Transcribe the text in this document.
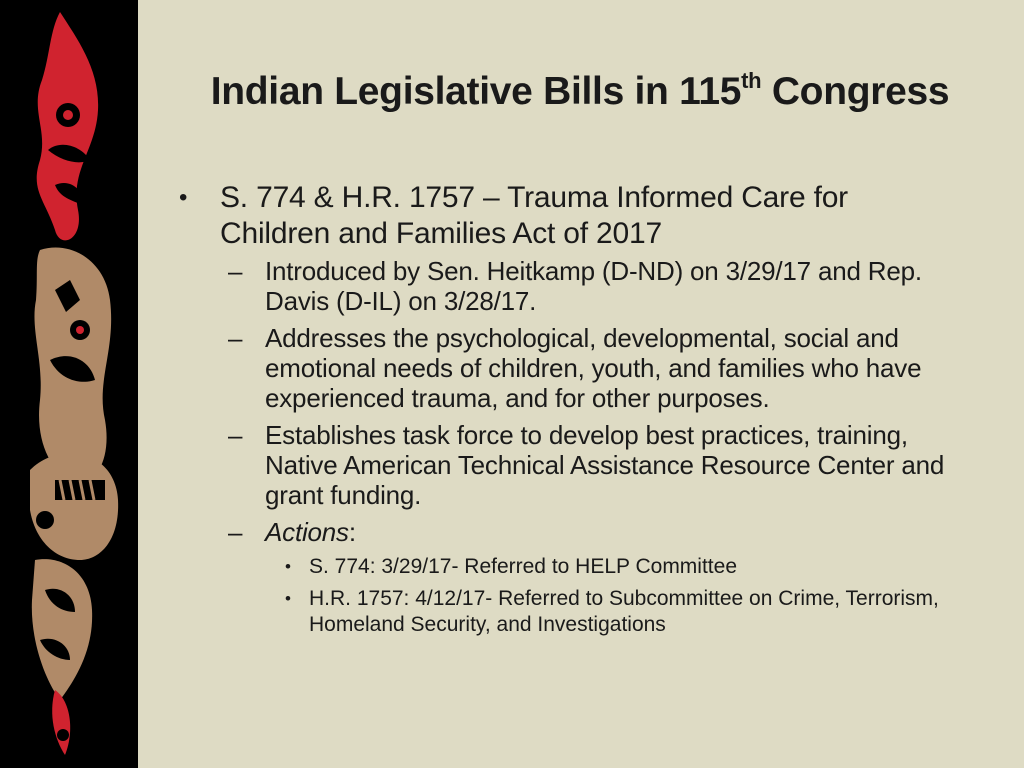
Indian Legislative Bills in 115th Congress
• S. 774 & H.R. 1757 – Trauma Informed Care for Children and Families Act of 2017
– Introduced by Sen. Heitkamp (D-ND) on 3/29/17 and Rep. Davis (D-IL) on 3/28/17.
– Addresses the psychological, developmental, social and emotional needs of children, youth, and families who have experienced trauma, and for other purposes.
– Establishes task force to develop best practices, training, Native American Technical Assistance Resource Center and grant funding.
– Actions:
• S. 774: 3/29/17- Referred to HELP Committee
• H.R. 1757: 4/12/17- Referred to Subcommittee on Crime, Terrorism, Homeland Security, and Investigations
